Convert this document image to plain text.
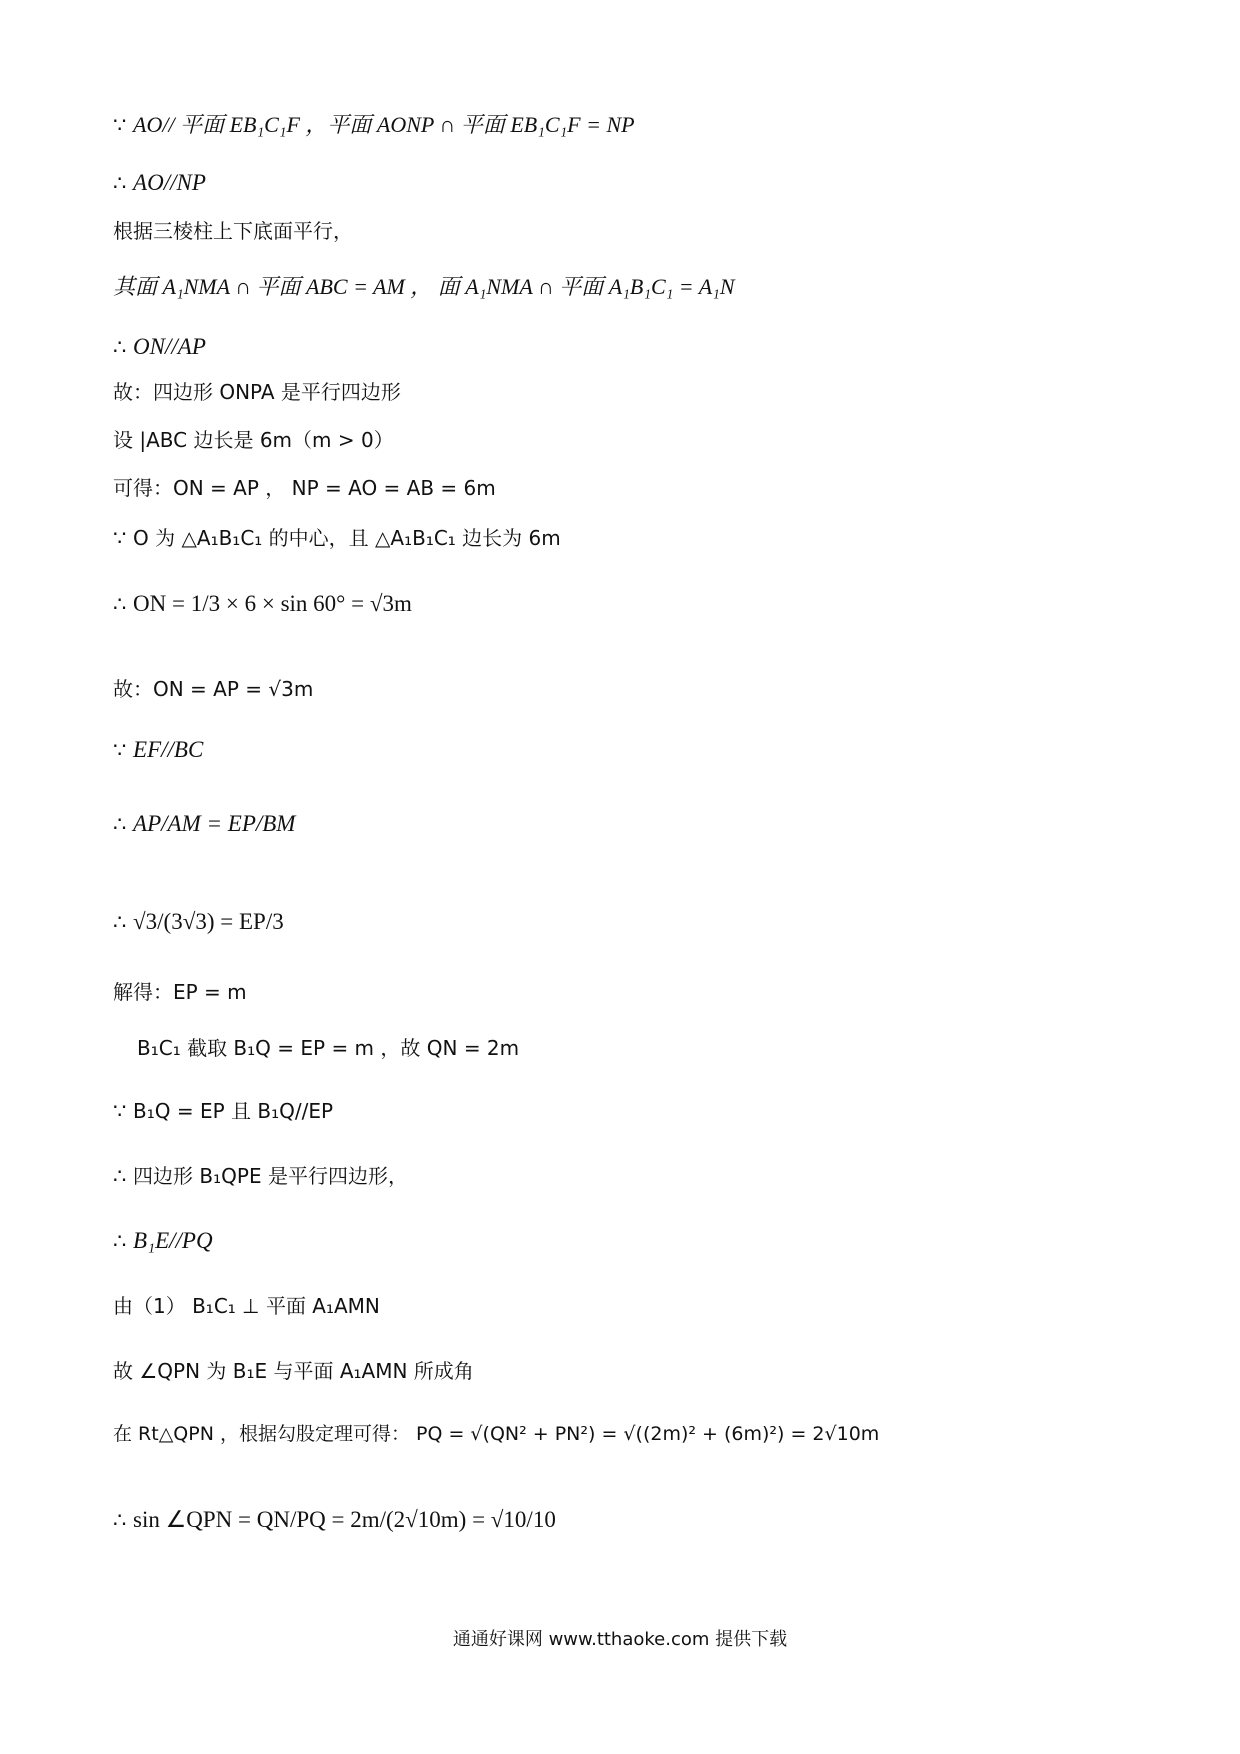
∵ AO// 平面 EB₁C₁F ，平面 AONP ∩ 平面 EB₁C₁F = NP
∴ AO//NP
根据三棱柱上下底面平行，
其面 A₁NMA ∩ 平面 ABC = AM ， 面 A₁NMA ∩ 平面 A₁B₁C₁ = A₁N
∴ ON//AP
故：四边形 ONPA 是平行四边形
设 |ABC 边长是 6m（m > 0）
可得：ON = AP ， NP = AO = AB = 6m
∵ O 为 △A₁B₁C₁ 的中心，且 △A₁B₁C₁ 边长为 6m
∴ ON = 1/3 × 6 × sin 60° = √3m
故：ON = AP = √3m
∵ EF//BC
∴ AP/AM = EP/BM
∴ √3/(3√3) = EP/3
解得：EP = m
B₁C₁ 截取 B₁Q = EP = m ，故 QN = 2m
∵ B₁Q = EP 且 B₁Q//EP
∴ 四边形 B₁QPE 是平行四边形，
∴ B₁E//PQ
由（1） B₁C₁ ⊥ 平面 A₁AMN
故 ∠QPN 为 B₁E 与平面 A₁AMN 所成角
在 Rt△QPN ，根据勾股定理可得： PQ = √(QN² + PN²) = √((2m)² + (6m)²) = 2√10m
∴ sin ∠QPN = QN/PQ = 2m/(2√10m) = √10/10
通通好课网 www.tthaoke.com 提供下载
